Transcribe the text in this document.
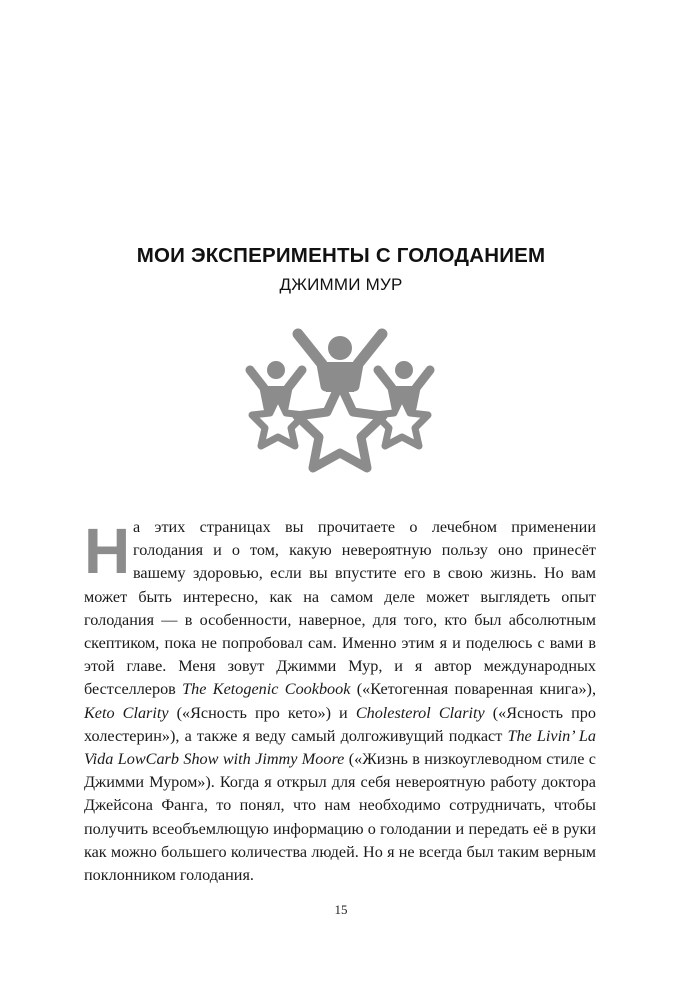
МОИ ЭКСПЕРИМЕНТЫ С ГОЛОДАНИЕМ
ДЖИММИ МУР
На этих страницах вы прочитаете о лечебном применении голодания и о том, какую невероятную пользу оно принесёт вашему здоровью, если вы впустите его в свою жизнь. Но вам может быть интересно, как на самом деле может выглядеть опыт голодания — в особенности, наверное, для того, кто был абсолютным скептиком, пока не попробовал сам. Именно этим я и поделюсь с вами в этой главе. Меня зовут Джимми Мур, и я автор международных бестселлеров The Ketogenic Cookbook («Кетогенная поваренная книга»), Keto Clarity («Ясность про кето») и Cholesterol Clarity («Ясность про холестерин»), а также я веду самый долгоживущий подкаст The Livin’ La Vida LowCarb Show with Jimmy Moore («Жизнь в низкоуглеводном стиле с Джимми Муром»). Когда я открыл для себя невероятную работу доктора Джейсона Фанга, то понял, что нам необходимо сотрудничать, чтобы получить всеобъемлющую информацию о голодании и передать её в руки как можно большего количества людей. Но я не всегда был таким верным поклонником голодания.
15
